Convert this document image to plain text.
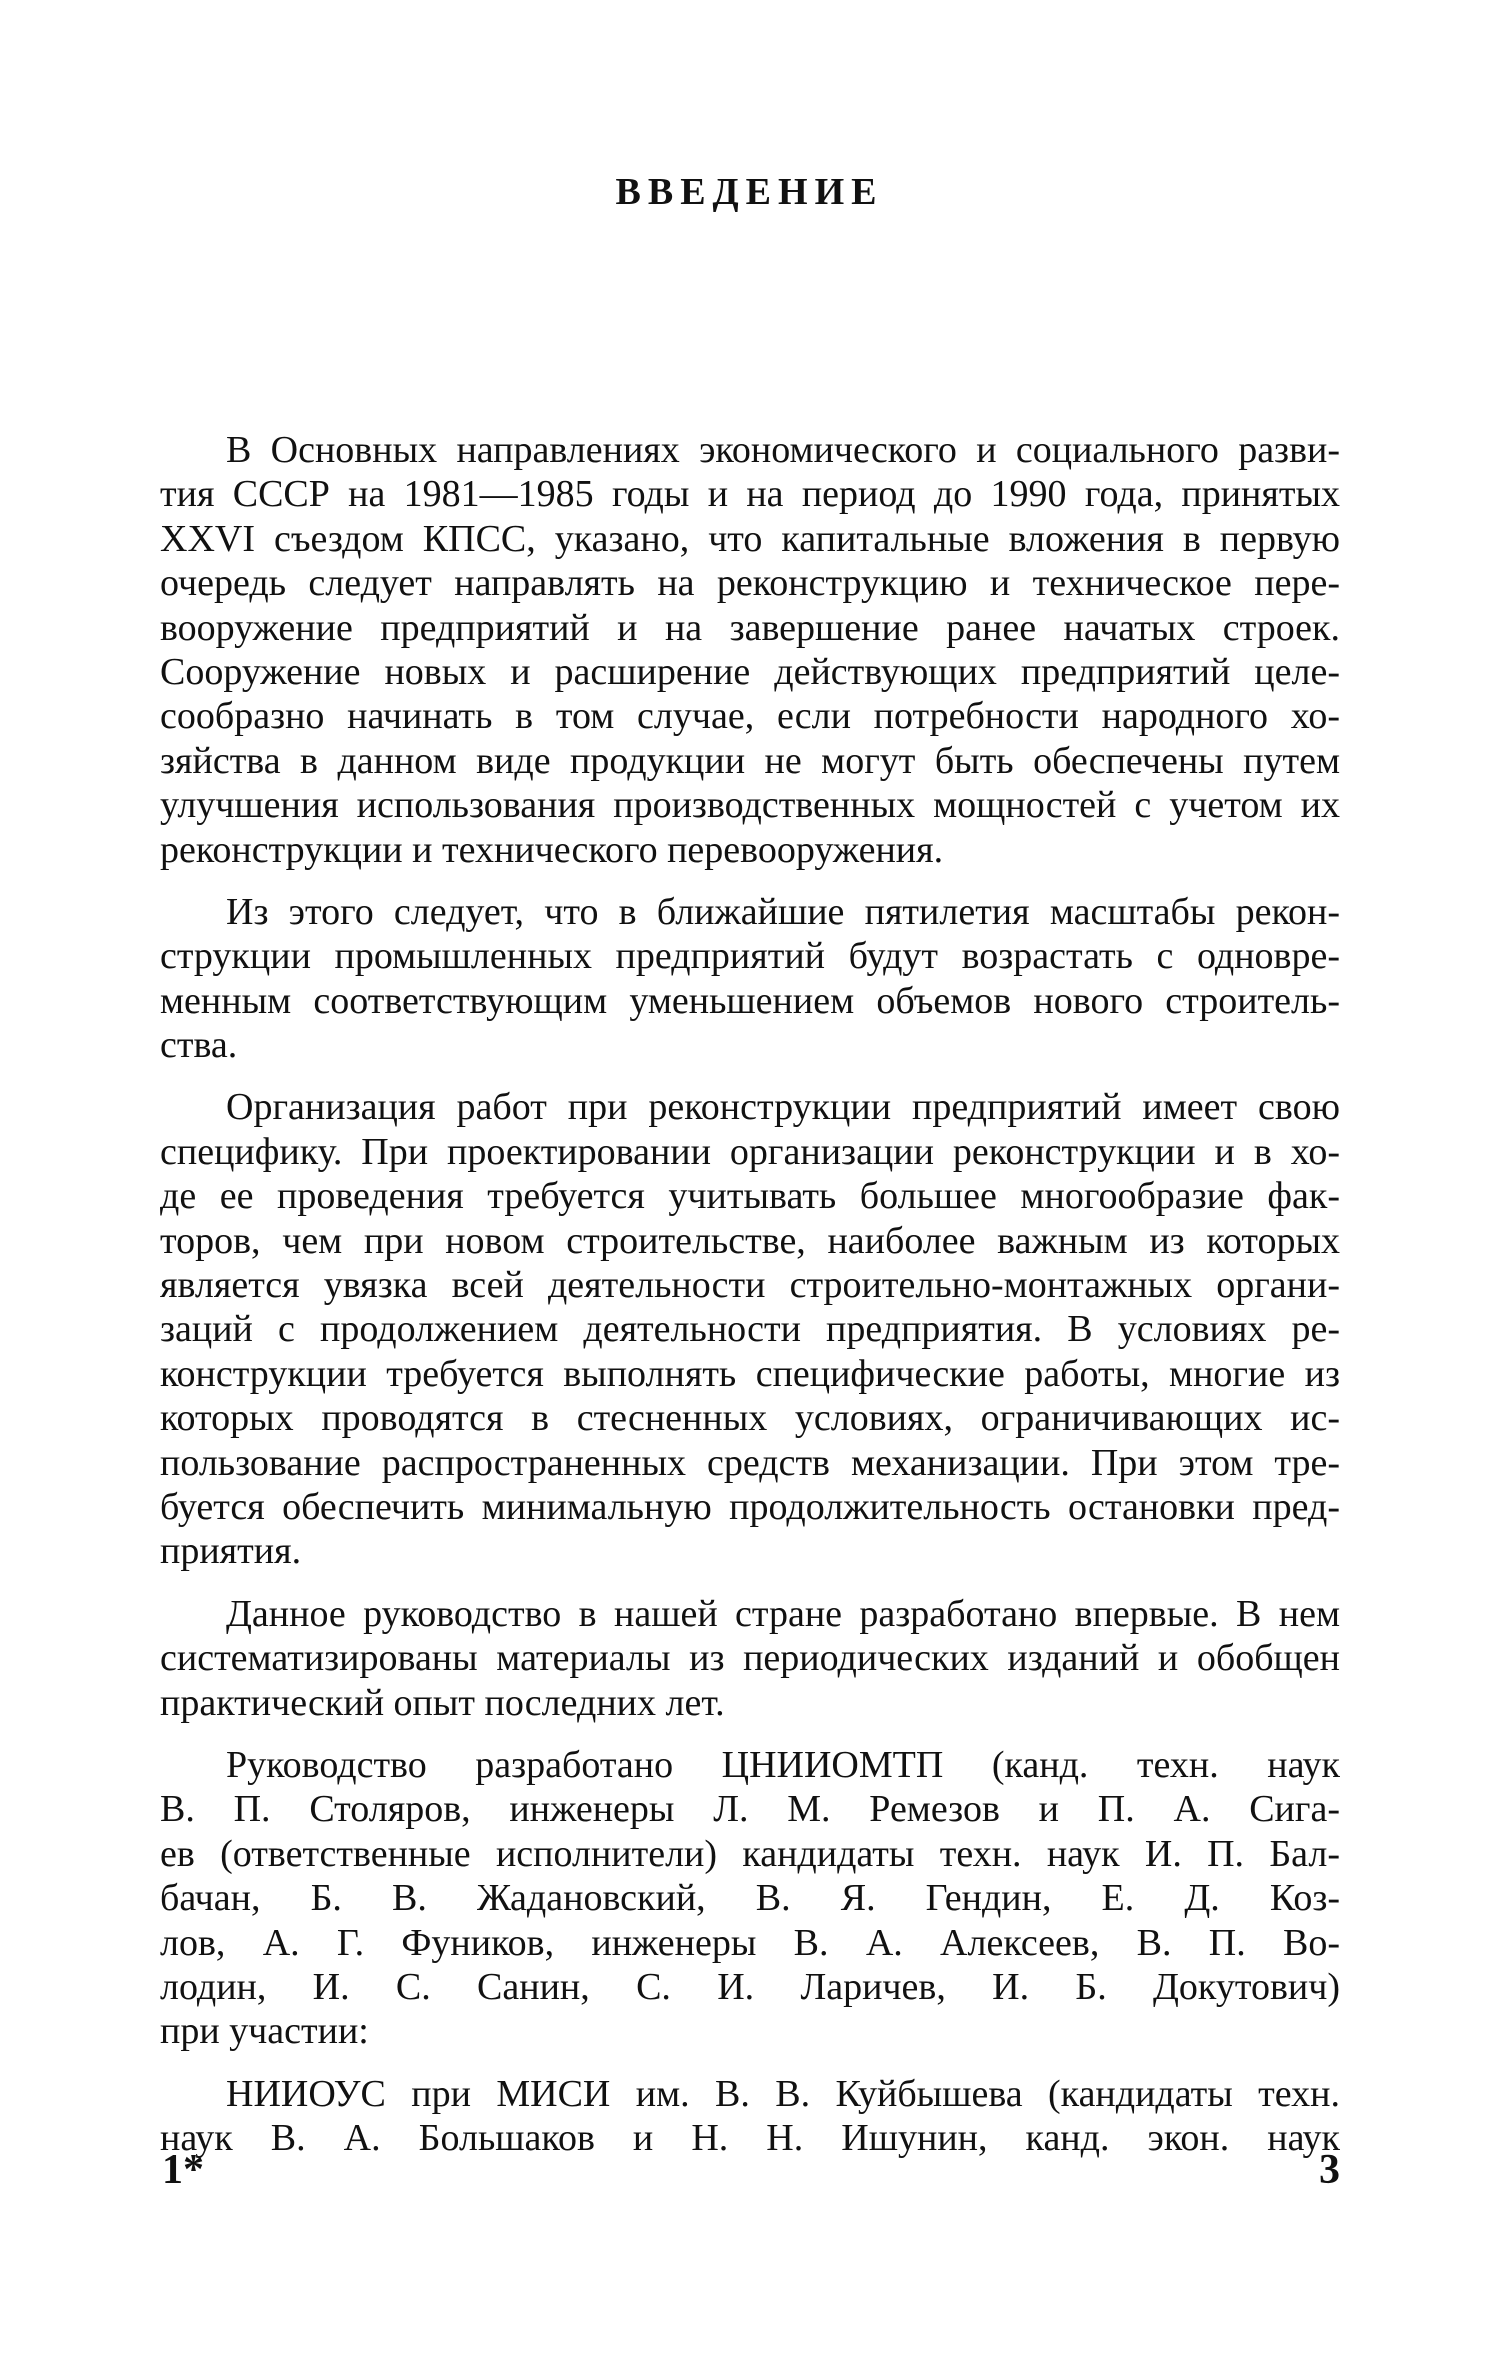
ВВЕДЕНИЕ
В Основных направлениях экономического и социального разви-
тия СССР на 1981—1985 годы и на период до 1990 года, принятых
XXVI съездом КПСС, указано, что капитальные вложения в первую
очередь следует направлять на реконструкцию и техническое пере-
вооружение предприятий и на завершение ранее начатых строек.
Сооружение новых и расширение действующих предприятий целе-
сообразно начинать в том случае, если потребности народного хо-
зяйства в данном виде продукции не могут быть обеспечены путем
улучшения использования производственных мощностей с учетом их
реконструкции и технического перевооружения.
Из этого следует, что в ближайшие пятилетия масштабы рекон-
струкции промышленных предприятий будут возрастать с одновре-
менным соответствующим уменьшением объемов нового строитель-
ства.
Организация работ при реконструкции предприятий имеет свою
специфику. При проектировании организации реконструкции и в хо-
де ее проведения требуется учитывать большее многообразие фак-
торов, чем при новом строительстве, наиболее важным из которых
является увязка всей деятельности строительно-монтажных органи-
заций с продолжением деятельности предприятия. В условиях ре-
конструкции требуется выполнять специфические работы, многие из
которых проводятся в стесненных условиях, ограничивающих ис-
пользование распространенных средств механизации. При этом тре-
буется обеспечить минимальную продолжительность остановки пред-
приятия.
Данное руководство в нашей стране разработано впервые. В нем
систематизированы материалы из периодических изданий и обобщен
практический опыт последних лет.
Руководство разработано ЦНИИОМТП (канд. техн. наук
В. П. Столяров, инженеры Л. М. Ремезов и П. А. Сига-
ев (ответственные исполнители) кандидаты техн. наук И. П. Бал-
бачан, Б. В. Жадановский, В. Я. Гендин, Е. Д. Коз-
лов, А. Г. Фуников, инженеры В. А. Алексеев, В. П. Во-
лодин, И. С. Санин, С. И. Ларичев, И. Б. Докутович)
при участии:
НИИОУС при МИСИ им. В. В. Куйбышева (кандидаты техн.
наук В. А. Большаков и Н. Н. Ишунин, канд. экон. наук
1*	3
